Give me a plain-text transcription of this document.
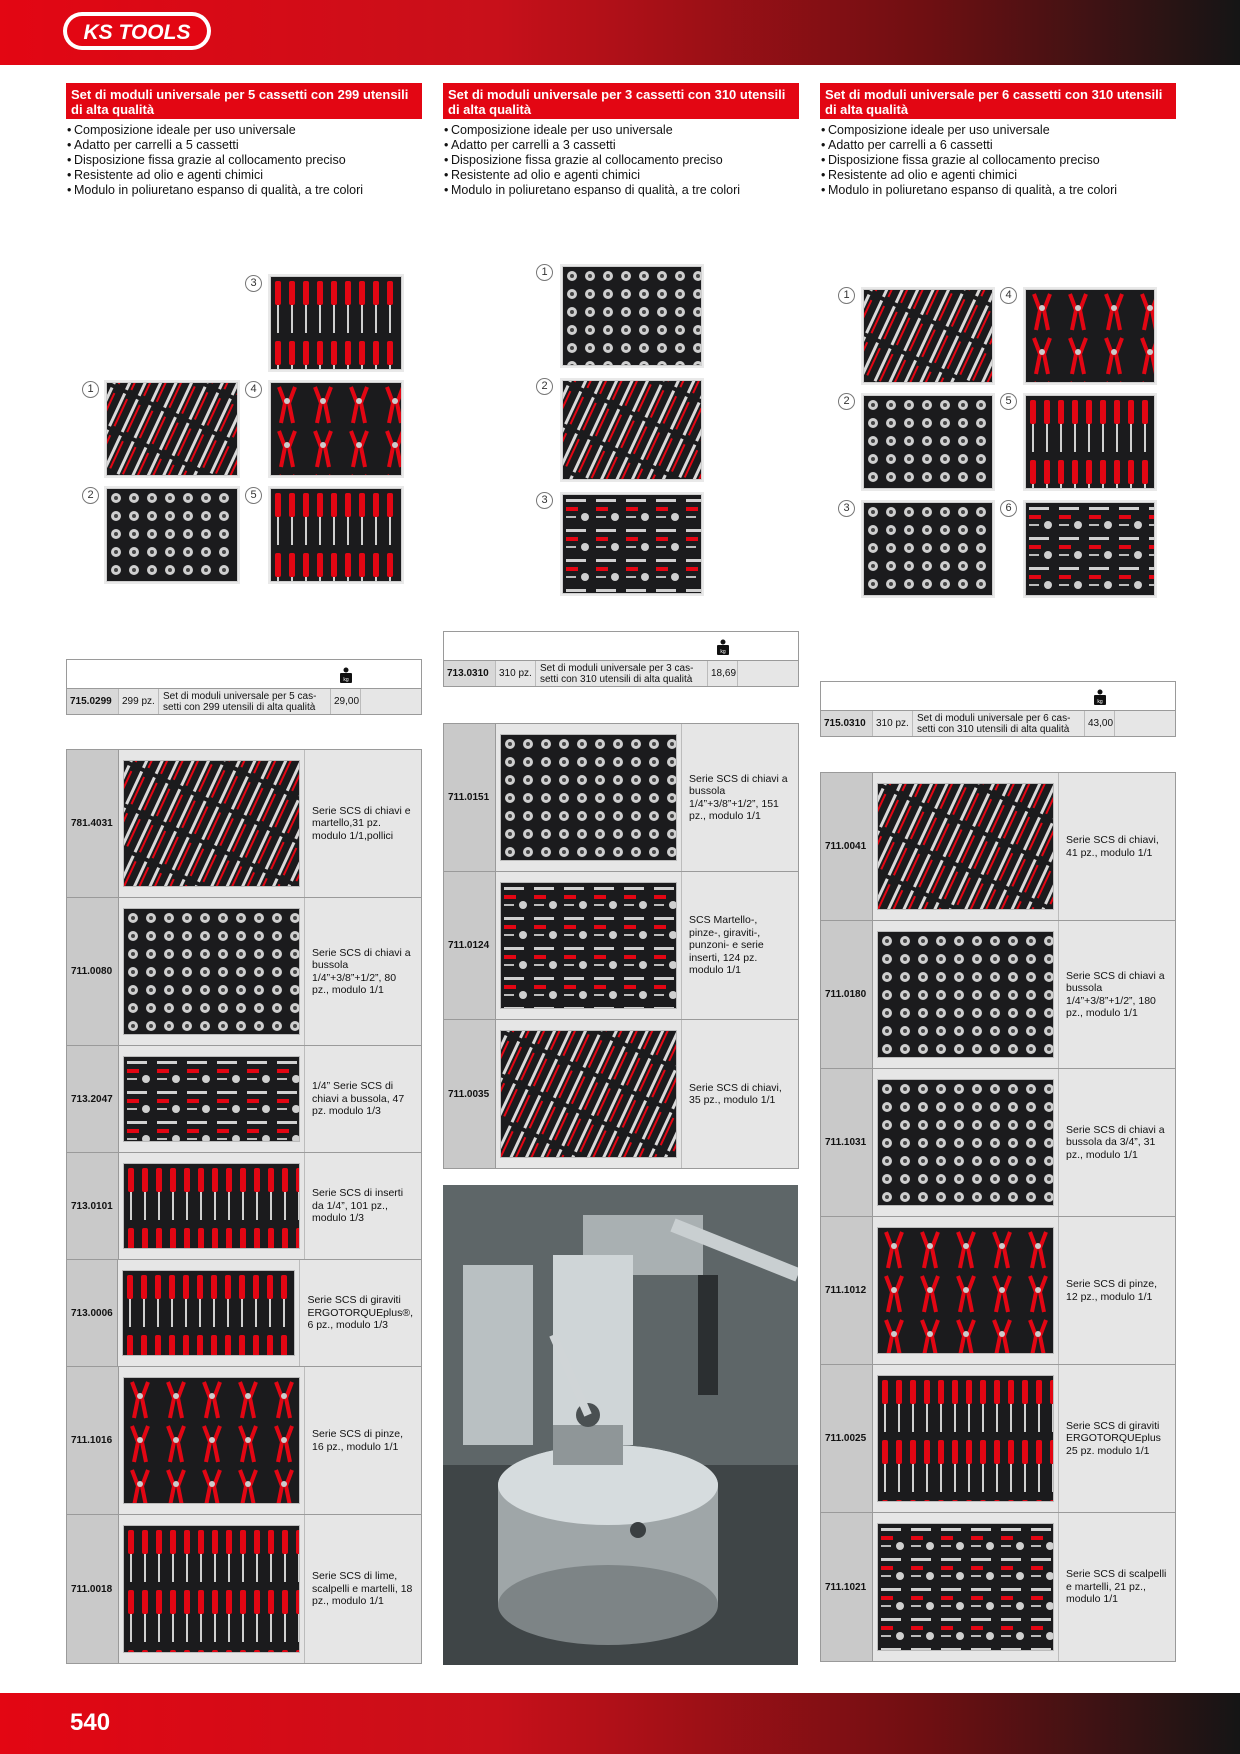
KS TOOLS
Set di moduli universale per 5 cassetti con 299 utensili di alta qualità
• Composizione ideale per uso universale
• Adatto per carrelli a 5 cassetti
• Disposizione fissa grazie al collocamento preciso
• Resistente ad olio e agenti chimici
• Modulo in poliuretano espanso di qualità, a tre colori
Set di moduli universale per 3 cassetti con 310 utensili di alta qualità
• Composizione ideale per uso universale
• Adatto per carrelli a 3 cassetti
• Disposizione fissa grazie al collocamento preciso
• Resistente ad olio e agenti chimici
• Modulo in poliuretano espanso di qualità, a tre colori
Set di moduli universale per 6 cassetti con 310 utensili di alta qualità
• Composizione ideale per uso universale
• Adatto per carrelli a 6 cassetti
• Disposizione fissa grazie al collocamento preciso
• Resistente ad olio e agenti chimici
• Modulo in poliuretano espanso di qualità, a tre colori
3
1	4
2	5
1
2
3
1	4
2	5
3	6
kg
715.0299	299 pz. Set di moduli universale per 5 cas-setti con 299 utensili di alta qualità	29,00
kg
713.0310	310 pz. Set di moduli universale per 3 cas-setti con 310 utensili di alta qualità	18,69
kg
715.0310	310 pz. Set di moduli universale per 6 cas-setti con 310 utensili di alta qualità	43,00
781.4031
Serie SCS di chiavi e martello,31 pz. modulo 1/1,pollici
711.0080
Serie SCS di chiavi a bussola 1/4”+3/8”+1/2”, 80 pz., modulo 1/1
713.2047
1/4” Serie SCS di chiavi a bussola, 47 pz. modulo 1/3
713.0101
Serie SCS di inserti da 1/4”, 101 pz., modulo 1/3
713.0006
Serie SCS di giraviti ERGOTORQUEplus®, 6 pz., modulo 1/3
711.1016
Serie SCS di pinze, 16 pz., modulo 1/1
711.0018
Serie SCS di lime, scalpelli e martelli, 18 pz., modulo 1/1
711.0151
Serie SCS di chiavi a bussola 1/4”+3/8”+1/2”, 151 pz., modulo 1/1
711.0124
SCS Martello-, pinze-, giraviti-, punzoni- e serie inserti, 124 pz. modulo 1/1
711.0035
Serie SCS di chiavi, 35 pz., modulo 1/1
711.0041
Serie SCS di chiavi, 41 pz., modulo 1/1
711.0180
Serie SCS di chiavi a bussola 1/4”+3/8”+1/2”, 180 pz., modulo 1/1
711.1031
Serie SCS di chiavi a bussola da 3/4”, 31 pz., modulo 1/1
711.1012
Serie SCS di pinze, 12 pz., modulo 1/1
711.0025
Serie SCS di giraviti ERGOTORQUEplus 25 pz. modulo 1/1
711.1021
Serie SCS di scalpelli e martelli, 21 pz., modulo 1/1
540
